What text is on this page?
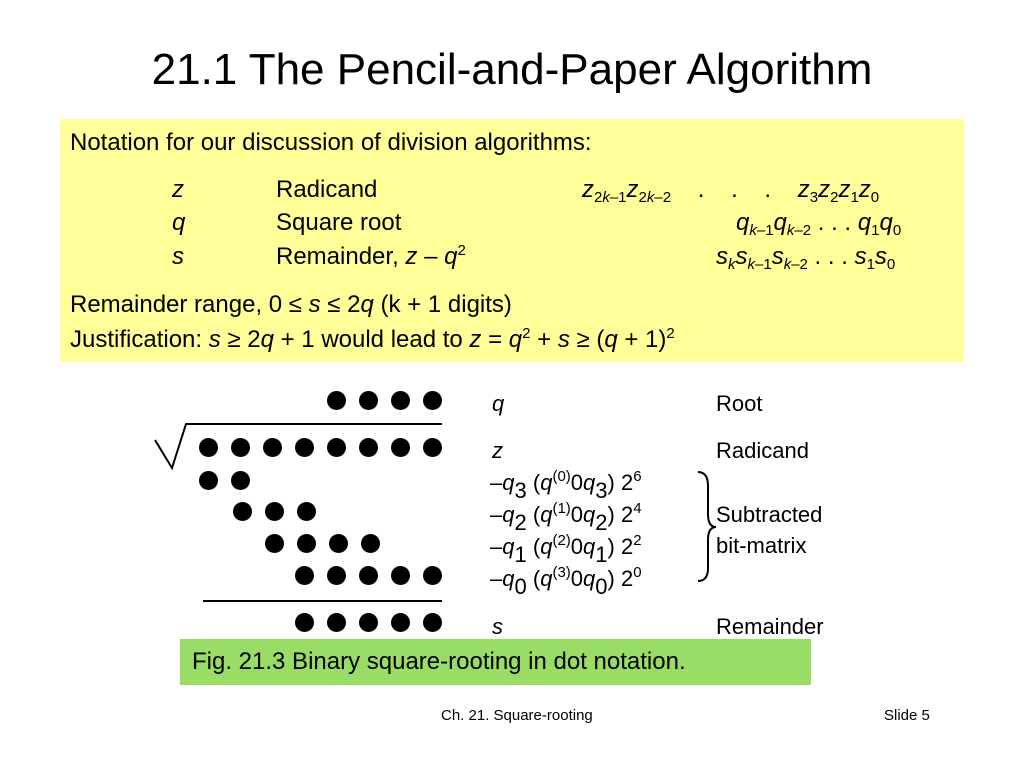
21.1 The Pencil-and-Paper Algorithm
Notation for our discussion of division algorithms:
z	Radicand	$z_{2k-1}z_{2k-2}$    .    .    .    $z_3z_2z_1z_0$
q	Square root	$q_{k-1}q_{k-2}$ . . . $q_1q_0$
s	Remainder, z – $q^2$	$s_ks_{k-1}s_{k-2}$ . . . $s_1s_0$
Remainder range, 0 ≤ s ≤ 2q (k + 1 digits)
Justification: s ≥ 2q + 1 would lead to $z = q^2 + s \ge (q + 1)^2$
q	Root
z	Radicand
$-q_3$ $(q^{(0)}0q_3)$ $2^6$
$-q_2$ $(q^{(1)}0q_2)$ $2^4$
$-q_1$ $(q^{(2)}0q_1)$ $2^2$
$-q_0$ $(q^{(3)}0q_0)$ $2^0$
Subtracted
bit-matrix
s	Remainder
Fig. 21.3 Binary square-rooting in dot notation.
Ch. 21. Square-rooting	Slide 5
